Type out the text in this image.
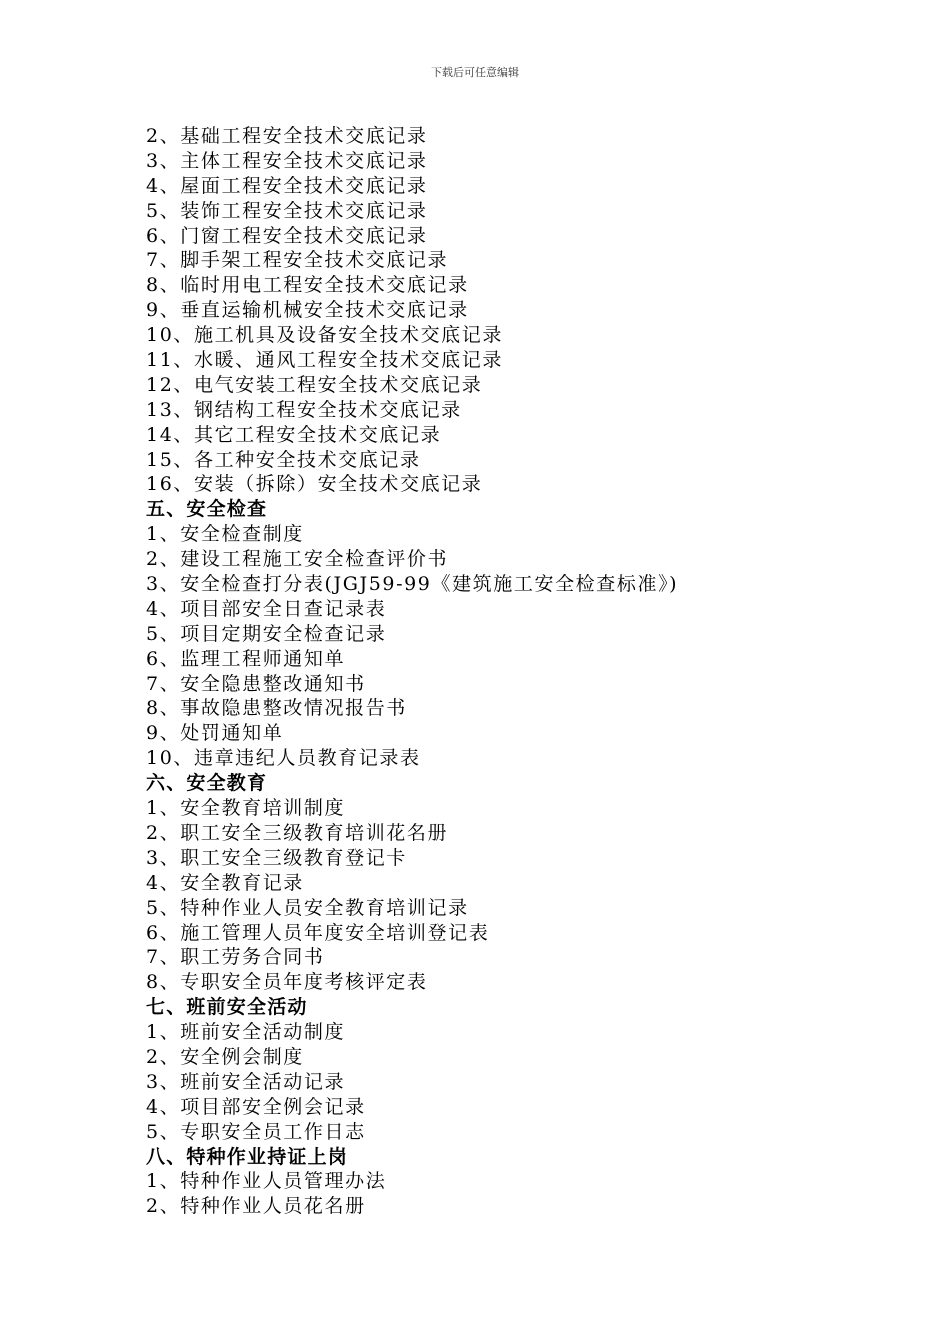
下载后可任意编辑
2、基础工程安全技术交底记录
3、主体工程安全技术交底记录
4、屋面工程安全技术交底记录
5、装饰工程安全技术交底记录
6、门窗工程安全技术交底记录
7、脚手架工程安全技术交底记录
8、临时用电工程安全技术交底记录
9、垂直运输机械安全技术交底记录
10、施工机具及设备安全技术交底记录
11、水暖、通风工程安全技术交底记录
12、电气安装工程安全技术交底记录
13、钢结构工程安全技术交底记录
14、其它工程安全技术交底记录
15、各工种安全技术交底记录
16、安装（拆除）安全技术交底记录
五、安全检查
1、安全检查制度
2、建设工程施工安全检查评价书
3、安全检查打分表(JGJ59-99《建筑施工安全检查标准》)
4、项目部安全日查记录表
5、项目定期安全检查记录
6、监理工程师通知单
7、安全隐患整改通知书
8、事故隐患整改情况报告书
9、处罚通知单
10、违章违纪人员教育记录表
六、安全教育
1、安全教育培训制度
2、职工安全三级教育培训花名册
3、职工安全三级教育登记卡
4、安全教育记录
5、特种作业人员安全教育培训记录
6、施工管理人员年度安全培训登记表
7、职工劳务合同书
8、专职安全员年度考核评定表
七、班前安全活动
1、班前安全活动制度
2、安全例会制度
3、班前安全活动记录
4、项目部安全例会记录
5、专职安全员工作日志
八、特种作业持证上岗
1、特种作业人员管理办法
2、特种作业人员花名册
